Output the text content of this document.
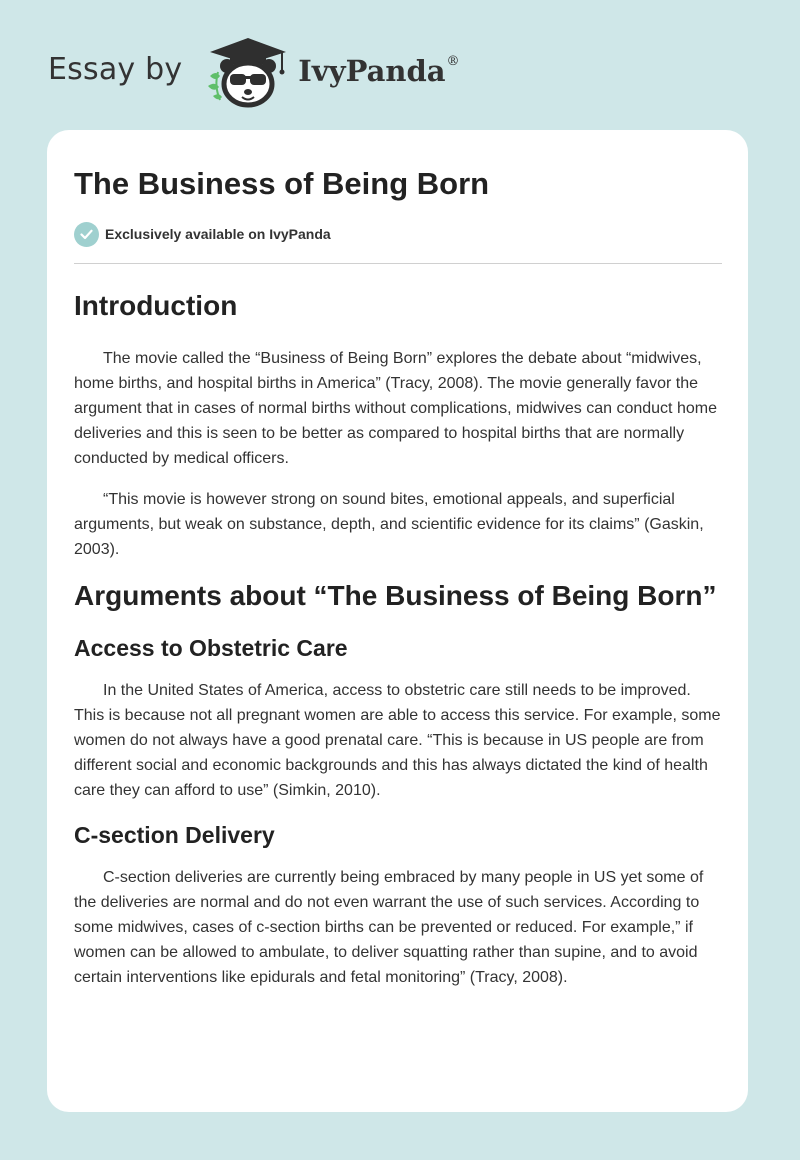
Essay by	IvyPanda®
The Business of Being Born
Exclusively available on IvyPanda
Introduction

The movie called the “Business of Being Born” explores the debate about “midwives, home births, and hospital births in America” (Tracy, 2008). The movie generally favor the argument that in cases of normal births without complications, midwives can conduct home deliveries and this is seen to be better as compared to hospital births that are normally conducted by medical officers.

“This movie is however strong on sound bites, emotional appeals, and superficial arguments, but weak on substance, depth, and scientific evidence for its claims” (Gaskin, 2003).

Arguments about “The Business of Being Born”
Access to Obstetric Care

In the United States of America, access to obstetric care still needs to be improved. This is because not all pregnant women are able to access this service. For example, some women do not always have a good prenatal care. “This is because in US people are from different social and economic backgrounds and this has always dictated the kind of health care they can afford to use” (Simkin, 2010).

C-section Delivery

C-section deliveries are currently being embraced by many people in US yet some of the deliveries are normal and do not even warrant the use of such services. According to some midwives, cases of c-section births can be prevented or reduced. For example,” if women can be allowed to ambulate, to deliver squatting rather than supine, and to avoid certain interventions like epidurals and fetal monitoring” (Tracy, 2008).
